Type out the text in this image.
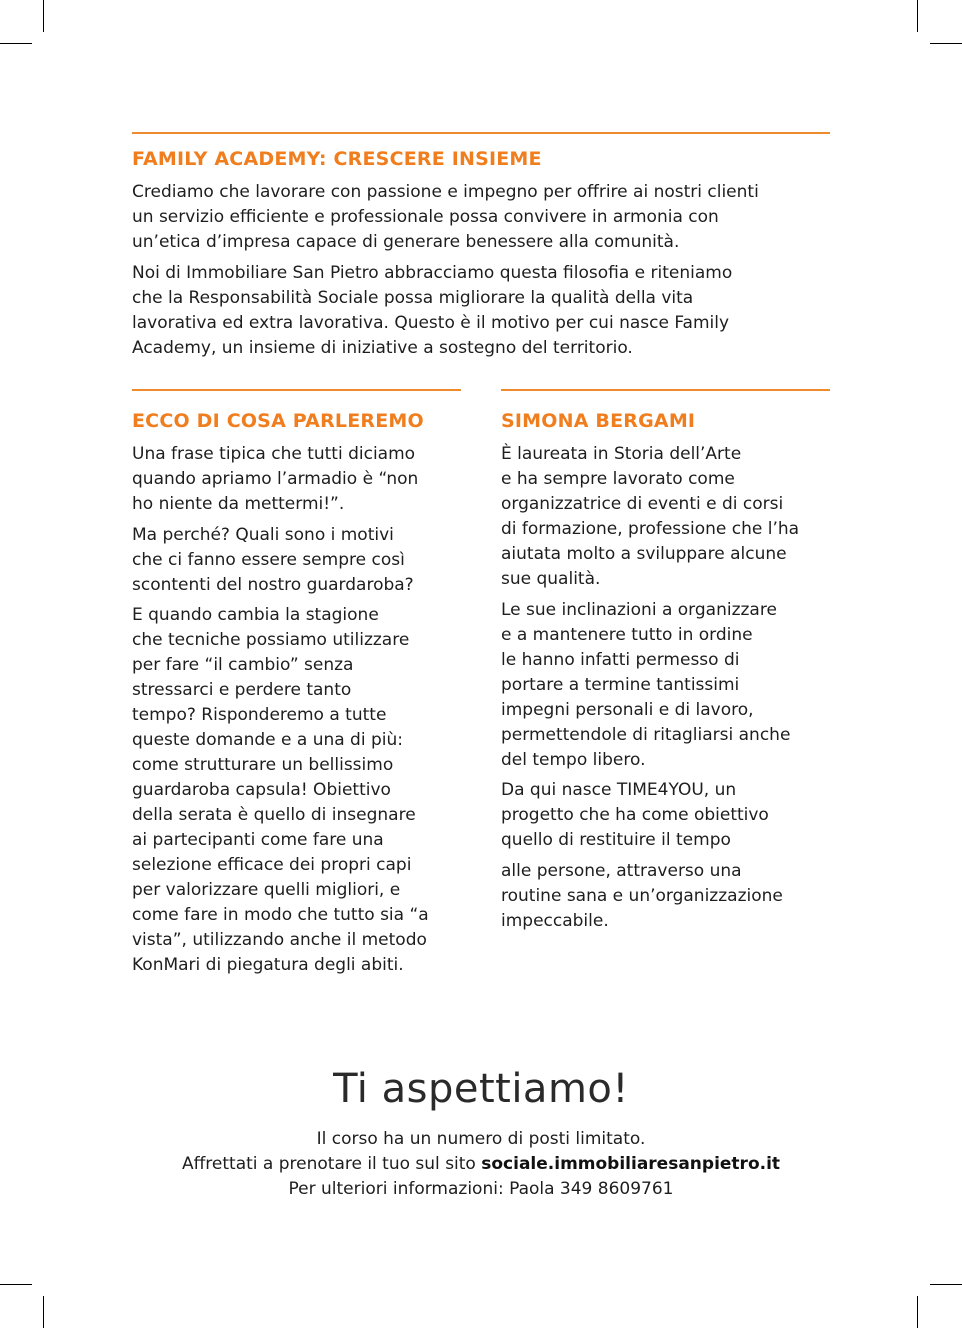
FAMILY ACADEMY: CRESCERE INSIEME
Crediamo che lavorare con passione e impegno per offrire ai nostri clienti
un servizio efficiente e professionale possa convivere in armonia con
un’etica d’impresa capace di generare benessere alla comunità.
Noi di Immobiliare San Pietro abbracciamo questa filosofia e riteniamo
che la Responsabilità Sociale possa migliorare la qualità della vita
lavorativa ed extra lavorativa. Questo è il motivo per cui nasce Family
Academy, un insieme di iniziative a sostegno del territorio.
ECCO DI COSA PARLEREMO
Una frase tipica che tutti diciamo
quando apriamo l’armadio è “non
ho niente da mettermi!”.
Ma perché? Quali sono i motivi
che ci fanno essere sempre così
scontenti del nostro guardaroba?
E quando cambia la stagione
che tecniche possiamo utilizzare
per fare “il cambio” senza
stressarci e perdere tanto
tempo? Risponderemo a tutte
queste domande e a una di più:
come strutturare un bellissimo
guardaroba capsula! Obiettivo
della serata è quello di insegnare
ai partecipanti come fare una
selezione efficace dei propri capi
per valorizzare quelli migliori, e
come fare in modo che tutto sia “a
vista”, utilizzando anche il metodo
KonMari di piegatura degli abiti.
SIMONA BERGAMI
È laureata in Storia dell’Arte
e ha sempre lavorato come
organizzatrice di eventi e di corsi
di formazione, professione che l’ha
aiutata molto a sviluppare alcune
sue qualità.
Le sue inclinazioni a organizzare
e a mantenere tutto in ordine
le hanno infatti permesso di
portare a termine tantissimi
impegni personali e di lavoro,
permettendole di ritagliarsi anche
del tempo libero.
Da qui nasce TIME4YOU, un
progetto che ha come obiettivo
quello di restituire il tempo
alle persone, attraverso una
routine sana e un’organizzazione
impeccabile.
Ti aspettiamo!

Il corso ha un numero di posti limitato.

Affrettati a prenotare il tuo sul sito sociale.immobiliaresanpietro.it

Per ulteriori informazioni: Paola 349 8609761
